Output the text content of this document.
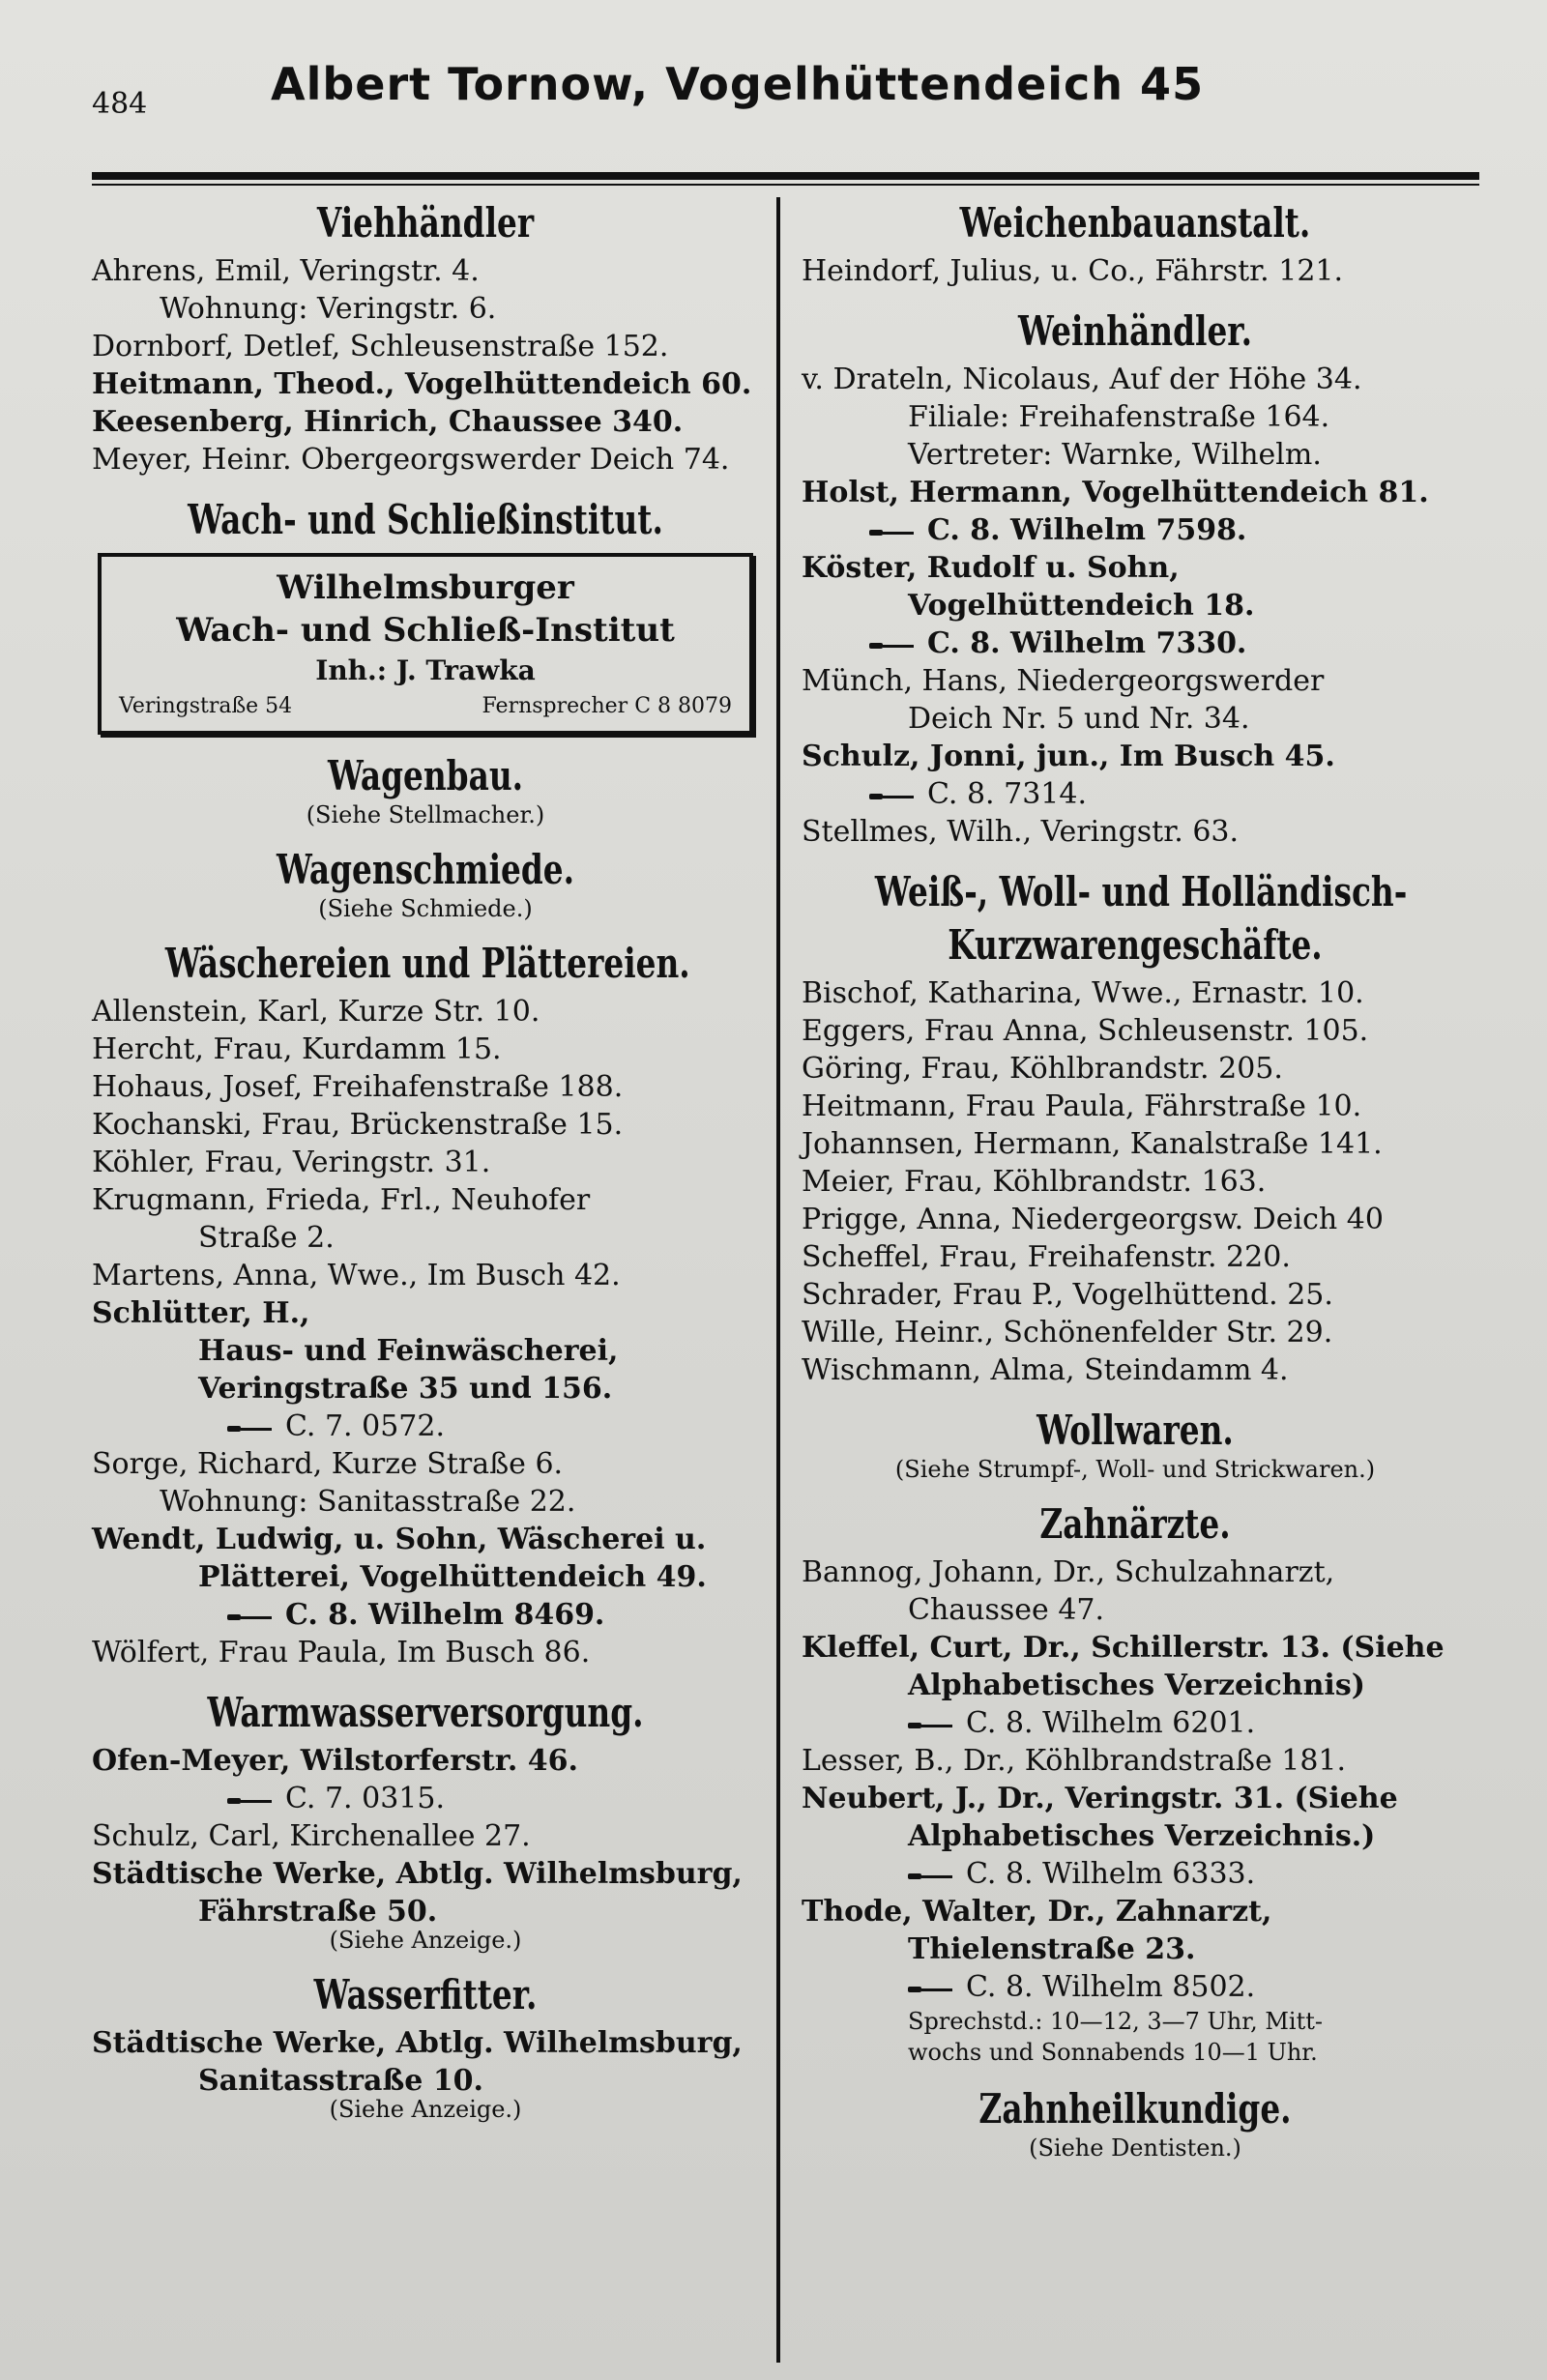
484	Albert Tornow, Vogelhüttendeich 45
Viehhändler
Ahrens, Emil, Veringstr. 4.
Wohnung: Veringstr. 6.
Dornborf, Detlef, Schleusenstraße 152.
Heitmann, Theod., Vogelhüttendeich 60.
Keesenberg, Hinrich, Chaussee 340.
Meyer, Heinr. Obergeorgswerder Deich 74.
Wach- und Schließinstitut.
Wilhelmsburger
Wach- und Schließ-Institut
Inh.: J. Trawka
Veringstraße 54	Fernsprecher C 8 8079
Wagenbau.
(Siehe Stellmacher.)
Wagenschmiede.
(Siehe Schmiede.)
Wäschereien und Plättereien.
Allenstein, Karl, Kurze Str. 10.
Hercht, Frau, Kurdamm 15.
Hohaus, Josef, Freihafenstraße 188.
Kochanski, Frau, Brückenstraße 15.
Köhler, Frau, Veringstr. 31.
Krugmann, Frieda, Frl., Neuhofer
Straße 2.
Martens, Anna, Wwe., Im Busch 42.
Schlütter, H.,
Haus- und Feinwäscherei,
Veringstraße 35 und 156.
C. 7. 0572.
Sorge, Richard, Kurze Straße 6.
Wohnung: Sanitasstraße 22.
Wendt, Ludwig, u. Sohn, Wäscherei u.
Plätterei, Vogelhüttendeich 49.
C. 8. Wilhelm 8469.
Wölfert, Frau Paula, Im Busch 86.
Warmwasserversorgung.
Ofen-Meyer, Wilstorferstr. 46.
C. 7. 0315.
Schulz, Carl, Kirchenallee 27.
Städtische Werke, Abtlg. Wilhelmsburg,
Fährstraße 50.
(Siehe Anzeige.)
Wasserfitter.
Städtische Werke, Abtlg. Wilhelmsburg,
Sanitasstraße 10.
(Siehe Anzeige.)
Weichenbauanstalt.
Heindorf, Julius, u. Co., Fährstr. 121.
Weinhändler.
v. Drateln, Nicolaus, Auf der Höhe 34.
Filiale: Freihafenstraße 164.
Vertreter: Warnke, Wilhelm.
Holst, Hermann, Vogelhüttendeich 81.
C. 8. Wilhelm 7598.
Köster, Rudolf u. Sohn,
Vogelhüttendeich 18.
C. 8. Wilhelm 7330.
Münch, Hans, Niedergeorgswerder
Deich Nr. 5 und Nr. 34.
Schulz, Jonni, jun., Im Busch 45.
C. 8. 7314.
Stellmes, Wilh., Veringstr. 63.
Weiß-, Woll- und Holländisch-
Kurzwarengeschäfte.
Bischof, Katharina, Wwe., Ernastr. 10.
Eggers, Frau Anna, Schleusenstr. 105.
Göring, Frau, Köhlbrandstr. 205.
Heitmann, Frau Paula, Fährstraße 10.
Johannsen, Hermann, Kanalstraße 141.
Meier, Frau, Köhlbrandstr. 163.
Prigge, Anna, Niedergeorgsw. Deich 40
Scheffel, Frau, Freihafenstr. 220.
Schrader, Frau P., Vogelhüttend. 25.
Wille, Heinr., Schönenfelder Str. 29.
Wischmann, Alma, Steindamm 4.
Wollwaren.
(Siehe Strumpf-, Woll- und Strickwaren.)
Zahnärzte.
Bannog, Johann, Dr., Schulzahnarzt,
Chaussee 47.
Kleffel, Curt, Dr., Schillerstr. 13. (Siehe
Alphabetisches Verzeichnis)
C. 8. Wilhelm 6201.
Lesser, B., Dr., Köhlbrandstraße 181.
Neubert, J., Dr., Veringstr. 31. (Siehe
Alphabetisches Verzeichnis.)
C. 8. Wilhelm 6333.
Thode, Walter, Dr., Zahnarzt,
Thielenstraße 23.
C. 8. Wilhelm 8502.
Sprechstd.: 10—12, 3—7 Uhr, Mitt-
wochs und Sonnabends 10—1 Uhr.
Zahnheilkundige.
(Siehe Dentisten.)
